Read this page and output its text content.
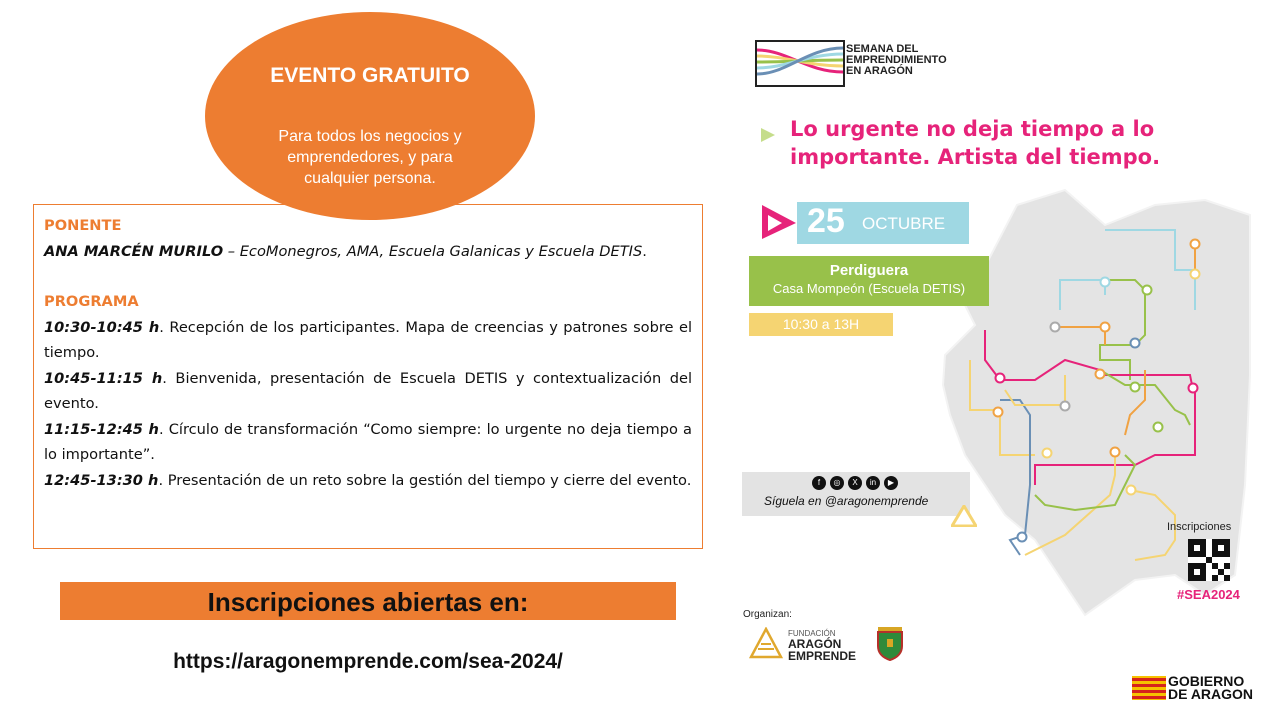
EVENTO GRATUITO
Para todos los negocios y emprendedores, y para cualquier persona.
PONENTE

ANA MARCÉN MURILO – EcoMonegros, AMA, Escuela Galanicas y Escuela DETIS.

PROGRAMA

10:30-10:45 h. Recepción de los participantes. Mapa de creencias y patrones sobre el tiempo.

10:45-11:15 h. Bienvenida, presentación de Escuela DETIS y contextualización del evento.

11:15-12:45 h. Círculo de transformación “Como siempre: lo urgente no deja tiempo a lo importante”.

12:45-13:30 h. Presentación de un reto sobre la gestión del tiempo y cierre del evento.

Inscripciones abiertas en:
https://aragonemprende.com/sea-2024/
SEMANA DEL
EMPRENDIMIENTO
EN ARAGÓN
Lo urgente no deja tiempo a lo
importante. Artista del tiempo.
25 OCTUBRE
Perdiguera
Casa Mompeón (Escuela DETIS)
10:30 a 13H
f	◎	X	in	▶
Síguela en @aragonemprende
Inscripciones
#SEA2024
Organizan:
FUNDACIÓN
ARAGÓN
EMPRENDE
GOBIERNO
DE ARAGON
